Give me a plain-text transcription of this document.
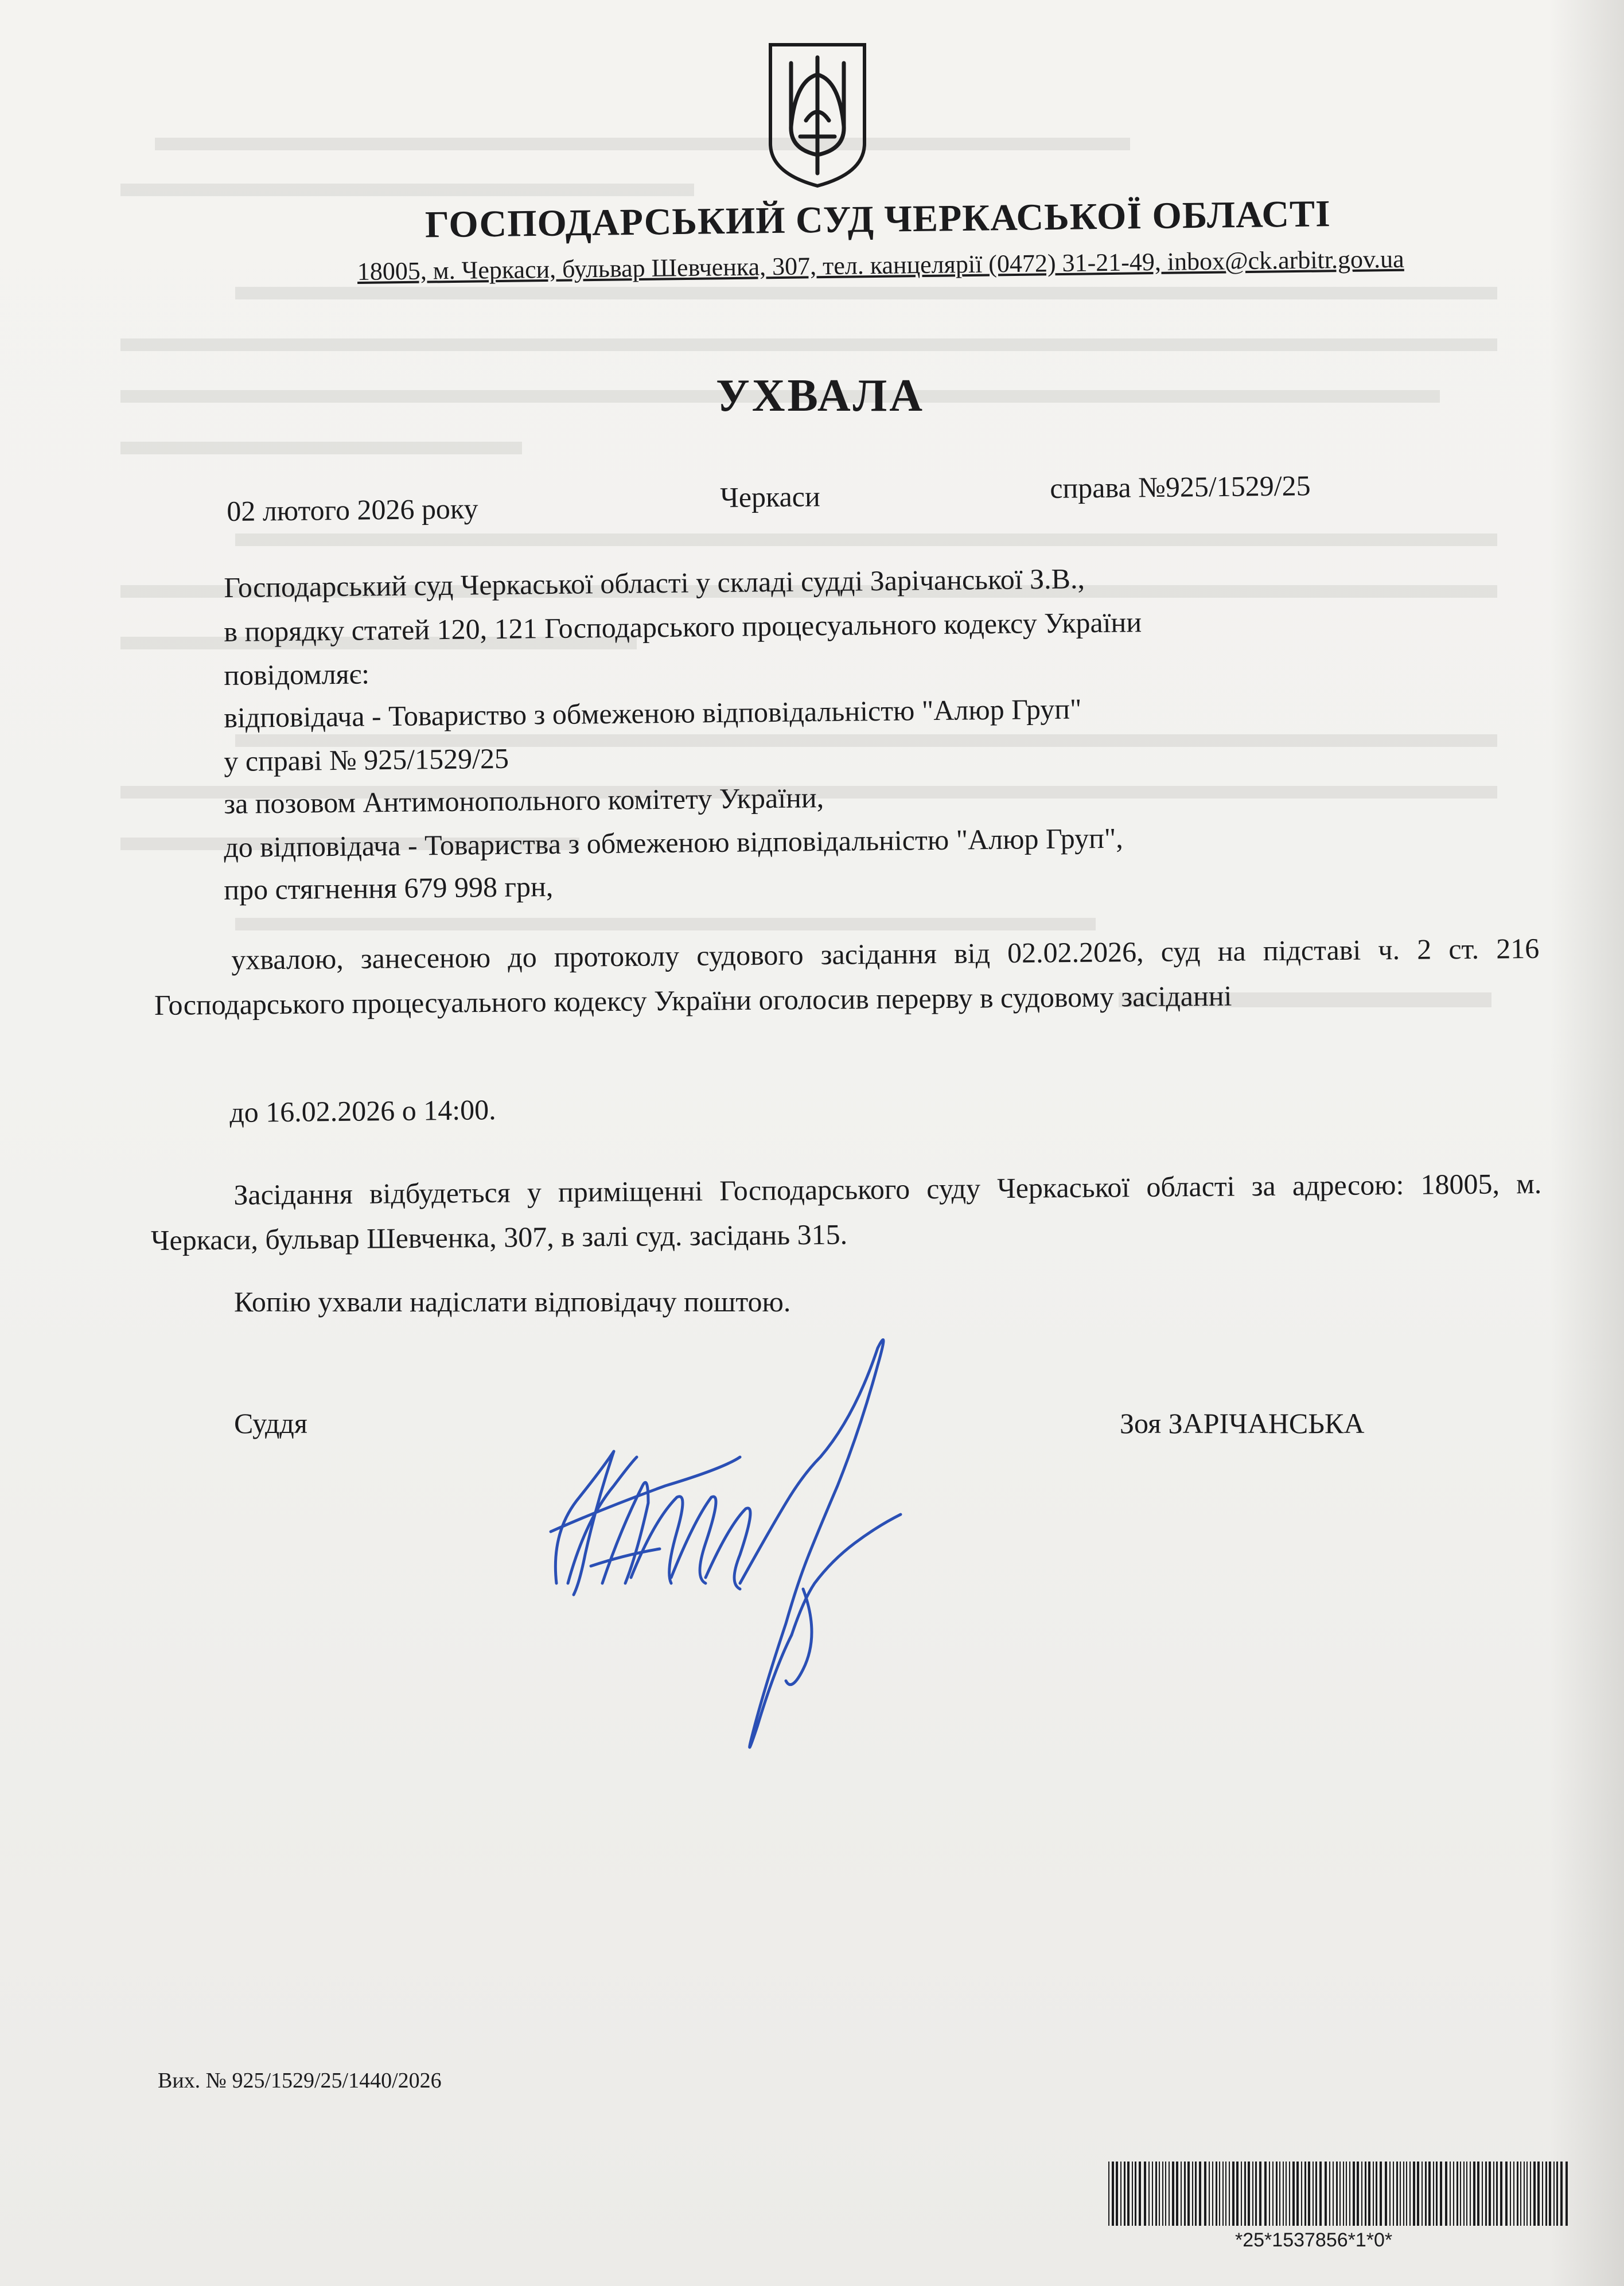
ГОСПОДАРСЬКИЙ СУД ЧЕРКАСЬКОЇ ОБЛАСТІ
18005, м. Черкаси, бульвар Шевченка, 307, тел. канцелярії (0472) 31-21-49, inbox@ck.arbitr.gov.ua
УХВАЛА
02 лютого 2026 року	Черкаси	справа №925/1529/25
Господарський суд Черкаської області у складі судді Зарічанської З.В.,
в порядку статей 120, 121 Господарського процесуального кодексу України
повідомляє:
відповідача - Товариство з обмеженою відповідальністю "Алюр Груп"
у справі № 925/1529/25
за позовом Антимонопольного комітету України,
до відповідача - Товариства з обмеженою відповідальністю "Алюр Груп",
про стягнення 679 998 грн,
ухвалою, занесеною до протоколу судового засідання від 02.02.2026, суд на підставі ч. 2 ст. 216 Господарського процесуального кодексу України оголосив перерву в судовому засіданні
до 16.02.2026 о 14:00.
Засідання відбудеться у приміщенні Господарського суду Черкаської області за адресою: 18005, м. Черкаси, бульвар Шевченка, 307, в залі суд. засідань 315.
Копію ухвали надіслати відповідачу поштою.
Суддя	Зоя ЗАРІЧАНСЬКА
Вих. № 925/1529/25/1440/2026
*25*1537856*1*0*
